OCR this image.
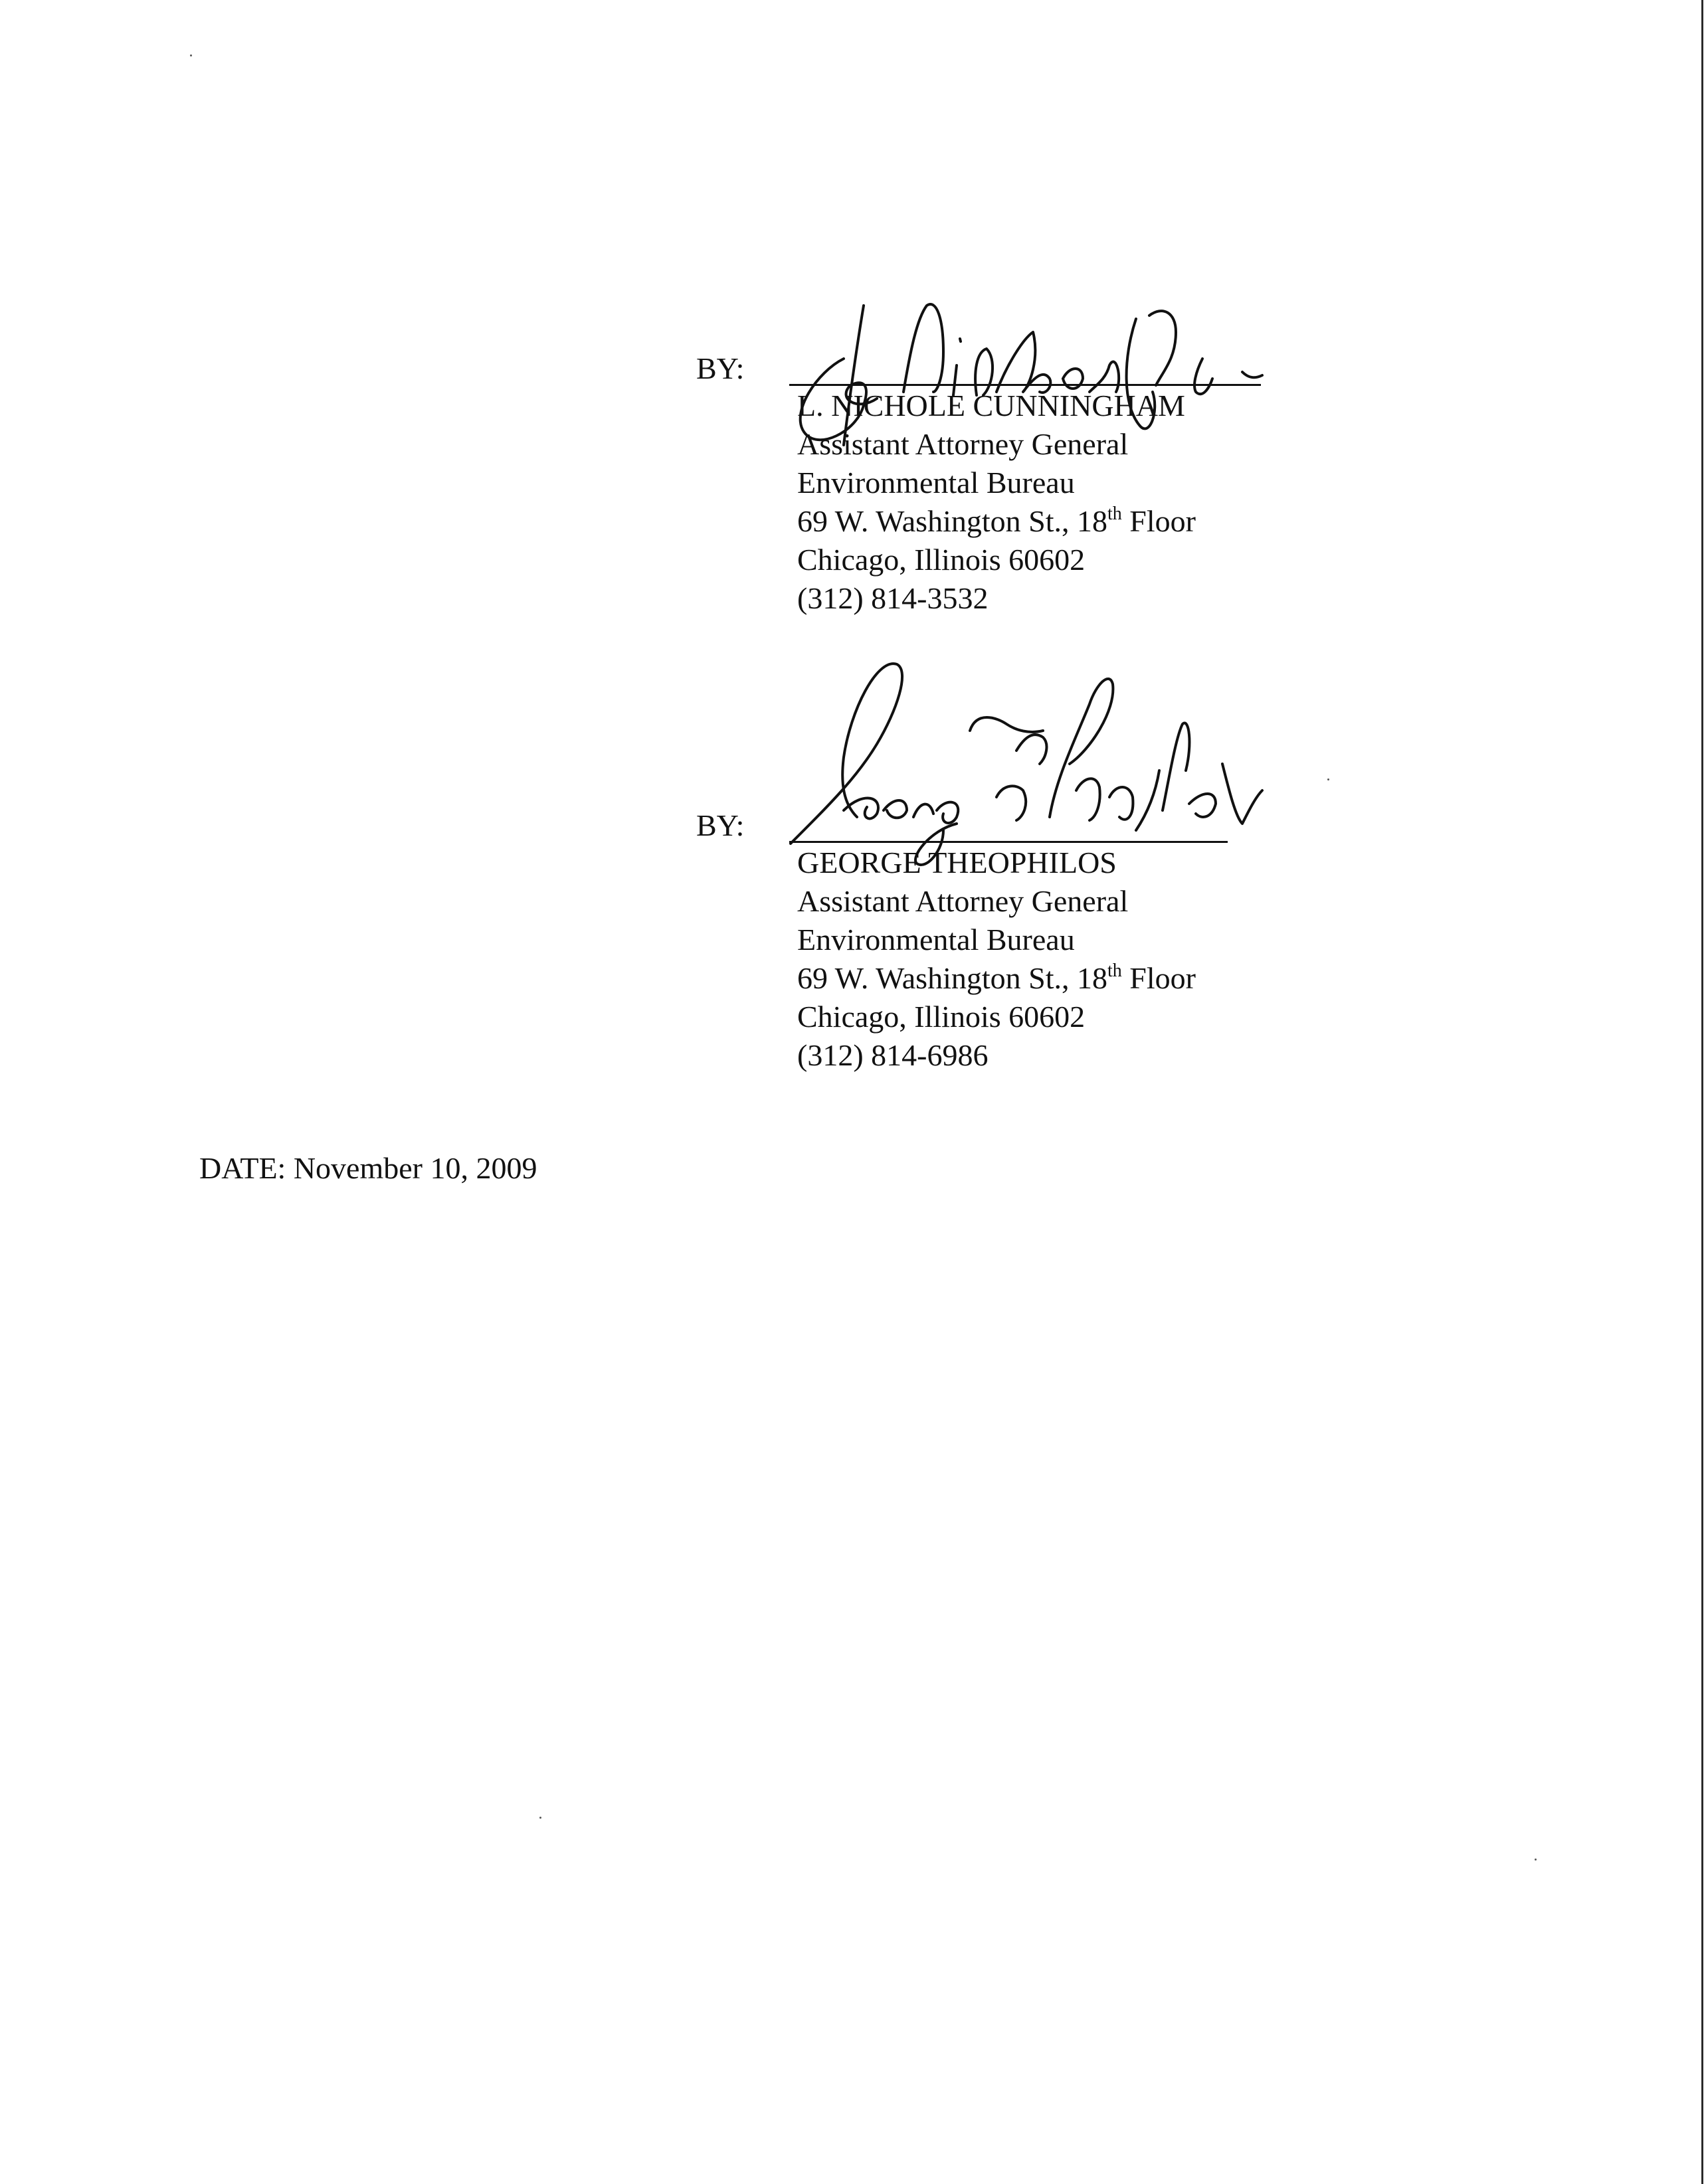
BY:
L. NICHOLE CUNNINGHAM
Assistant Attorney General
Environmental Bureau
69 W. Washington St., 18th Floor
Chicago, Illinois 60602
(312) 814-3532
BY:
GEORGE THEOPHILOS
Assistant Attorney General
Environmental Bureau
69 W. Washington St., 18th Floor
Chicago, Illinois 60602
(312) 814-6986
DATE: November 10, 2009
